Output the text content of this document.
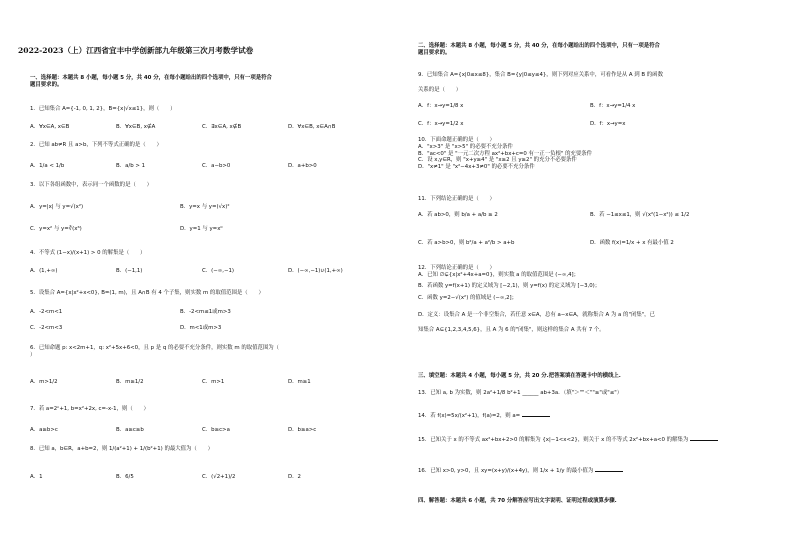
2022-2023（上）江西省宜丰中学创新部九年级第三次月考数学试卷
一、选择题：本题共 8 小题，每小题 5 分，共 40 分，在每小题给出的四个选项中，只有一项是符合
题目要求的。
1．已知集合 A={-1, 0, 1, 2}，B={x|√x≤1}，则（　　）
A．∀x∈A, x∈B	B．∀x∈B, x∉A	C．∃x∈A, x∉B	D．∀x∈B, x∈A∩B
2．已知 ab≠R 且 a>b，下列不等式正确的是（　　）
A．1/a < 1/b	B．a/b > 1	C．a−b>0	D．a+b>0
3．以下各组函数中，表示同一个函数的是（　　）
A．y=|x| 与 y=√(x²)	B．y=x 与 y=(√x)²
C．y=x² 与 y=∛(x⁶)	D．y=1 与 y=x⁰
4．不等式 (1−x)/(x+1) > 0 的解集是（　　）
A．(1,+∞)	B．(−1,1)	C．(−∞,−1)	D．(−∞,−1)∪(1,+∞)
5．设集合 A={x|x²+x<0}, B=(1, m)，且 A∩B 有 4 个子集，则实数 m 的取值范围是（　　）
A．-2<m<1	B．-2<m≤1或m>3
C．-2<m<3	D．m<1或m>3
6．已知命题 p: x<2m+1，q: x²+5x+6<0，且 p 是 q 的必要不充分条件，则实数 m 的取值范围为（
）
A．m>1/2	B．m≥1/2	C．m>1	D．m≥1
7．若 a=2ⁿ+1, b=x²+2x, c=-x-1，则（　　）
A．a≥b>c	B．a≥c≥b	C．b≥c>a	D．b≥a>c
8．已知 a，b∈R，a+b=2，则 1/(a²+1) + 1/(b²+1) 的最大值为（　　）
A．1	B．6/5	C．(√2+1)/2	D．2
二、选择题：本题共 8 小题，每小题 5 分，共 40 分，在每小题给出的四个选项中，只有一项是符合
题目要求的。
9．已知集合 A={x|0≤x≤8}，集合 B={y|0≤y≤4}，则下列对应关系中，可看作是从 A 到 B 的函数
关系的是（　　）
A．f：x→y=1/8 x	B．f：x→y=1/4 x
C．f：x→y=1/2 x	D．f：x→y=x
10．下面命题正确的是（　　）
A．"x>3" 是 "x>5" 的必要不充分条件
B．"ac<0" 是 "一元二次方程 ax²+bx+c=0 有一正一负根" 的充要条件
C．设 x,y∈R，则 "x+y≥4" 是 "x≥2 且 y≥2" 的充分不必要条件
D．"x≠1" 是 "x²−4x+3≠0" 的必要不充分条件
11．下列结论正确的是（　　）
A．若 ab>0，则 b/a + a/b ≥ 2	B．若 −1≤x≤1，则 √(x²(1−x²)) ≤ 1/2
C．若 a>b>0，则 b²/a + a²/b > a+b	D．函数 f(x)=1/x + x 有最小值 2
12．下列结论正确的是（　　）
A．已知 ∅⊊{x|x²+4x+a=0}，则实数 a 的取值范围是 (−∞,4]；
B．若函数 y=f(x+1) 的定义域为 [−2,1)，则 y=f(x) 的定义域为 [−3,0)；
C．函数 y=2−√(x²) 的值域是 (−∞,2]；
D．定义：设集合 A 是一个非空集合，若任意 x∈A，总有 a−x∈A，就称集合 A 为 a 的"闭集"，已
知集合 A⊆{1,2,3,4,5,6}，且 A 为 6 的"闭集"，则这样的集合 A 共有 7 个。
三、填空题：本题共 4 小题，每小题 5 分，共 20 分.把答案填在答题卡中的横线上.
13．已知 a, b 为实数，则 2a²+1/8 b²+1 ______ ab+3a．（填"＞""＜""≥"或"≤"）
14．若 f(x)=5x/(x²+1)，f(a)=2，则 a=
15．已知关于 x 的不等式 ax²+bx+2>0 的解集为 {x|−1<x<2}，则关于 x 的不等式 2x²+bx+a<0 的解集为
16．已知 x>0, y>0，且 xy=(x+y)/(x+4y)，则 1/x + 1/y 的最小值为
四、解答题：本题共 6 小题，共 70 分解答应写出文字说明、证明过程或演算步骤.
